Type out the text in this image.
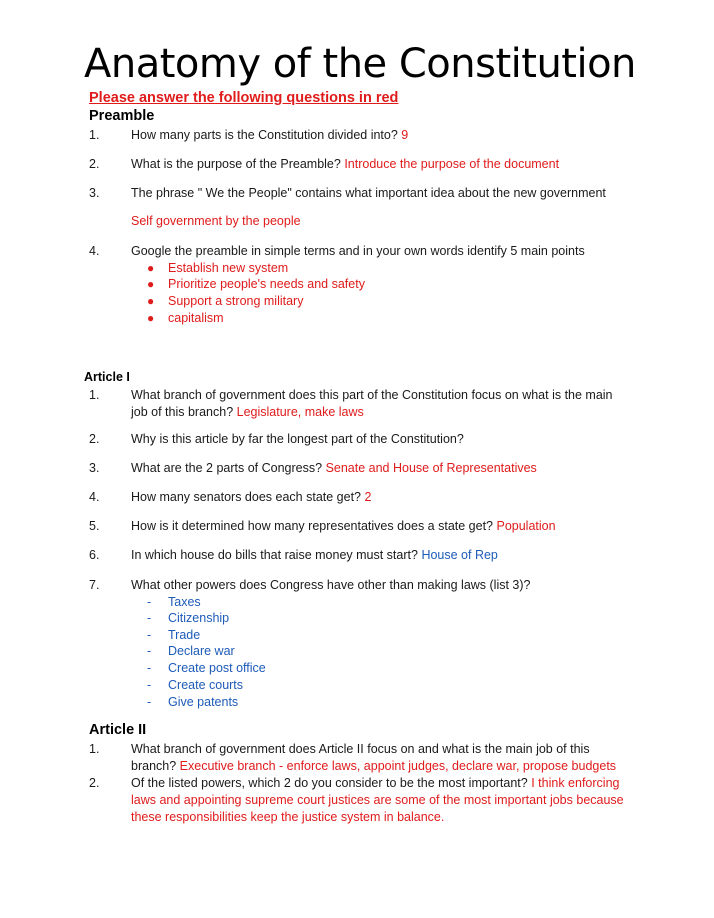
Anatomy of the Constitution
Please answer the following questions in red
Preamble
1.	How many parts is the Constitution divided into? 9
2.	What is the purpose of the Preamble? Introduce the purpose of the document
3.	The phrase " We the People" contains what important idea about the new government
Self government by the people
4.	Google the preamble in simple terms and in your own words identify 5 main points
●	Establish new system
●	Prioritize people's needs and safety
●	Support a strong military
●	capitalism
Article I
1.	What branch of government does this part of the Constitution focus on what is the main job of this branch? Legislature, make laws
2.	Why is this article by far the longest part of the Constitution?
3.	What are the 2 parts of Congress? Senate and House of Representatives
4.	How many senators does each state get? 2
5.	How is it determined how many representatives does a state get? Population
6.	In which house do bills that raise money must start? House of Rep
7.	What other powers does Congress have other than making laws (list 3)?
-	Taxes
-	Citizenship
-	Trade
-	Declare war
-	Create post office
-	Create courts
-	Give patents
Article II
1.	What branch of government does Article II focus on and what is the main job of this branch? Executive branch - enforce laws, appoint judges, declare war, propose budgets
2.	Of the listed powers, which 2 do you consider to be the most important? I think enforcing laws and appointing supreme court justices are some of the most important jobs because these responsibilities keep the justice system in balance.
